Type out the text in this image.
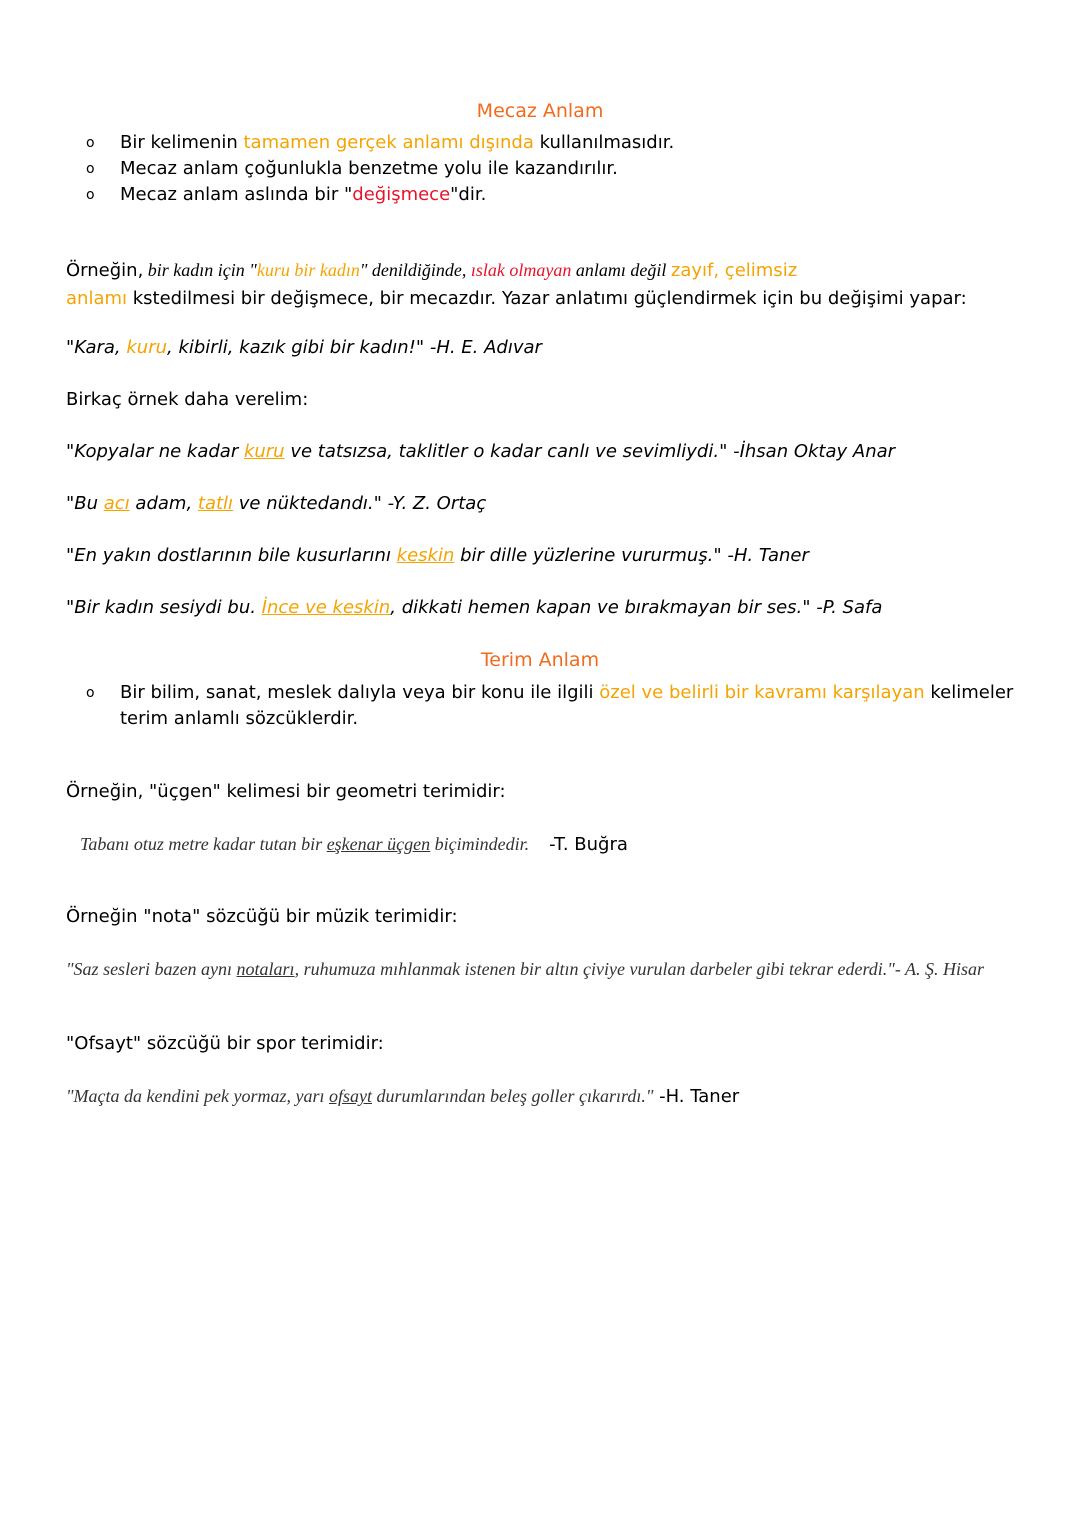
Mecaz Anlam
o Bir kelimenin tamamen gerçek anlamı dışında kullanılmasıdır.
o Mecaz anlam çoğunlukla benzetme yolu ile kazandırılır.
o Mecaz anlam aslında bir "değişmece"dir.
Örneğin, bir kadın için "kuru bir kadın" denildiğinde, ıslak olmayan anlamı değil zayıf, çelimsiz
anlamı kstedilmesi bir değişmece, bir mecazdır. Yazar anlatımı güçlendirmek için bu değişimi yapar:
"Kara, kuru, kibirli, kazık gibi bir kadın!" -H. E. Adıvar
Birkaç örnek daha verelim:
"Kopyalar ne kadar kuru ve tatsızsa, taklitler o kadar canlı ve sevimliydi." -İhsan Oktay Anar
"Bu acı adam, tatlı ve nüktedandı." -Y. Z. Ortaç
"En yakın dostlarının bile kusurlarını keskin bir dille yüzlerine vururmuş." -H. Taner
"Bir kadın sesiydi bu. İnce ve keskin, dikkati hemen kapan ve bırakmayan bir ses." -P. Safa
Terim Anlam
o Bir bilim, sanat, meslek dalıyla veya bir konu ile ilgili özel ve belirli bir kavramı karşılayan kelimeler terim anlamlı sözcüklerdir.
Örneğin, "üçgen" kelimesi bir geometri terimidir:
Tabanı otuz metre kadar tutan bir eşkenar üçgen biçimindedir. -T. Buğra
Örneğin "nota" sözcüğü bir müzik terimidir:
"Saz sesleri bazen aynı notaları, ruhumuza mıhlanmak istenen bir altın çiviye vurulan darbeler gibi tekrar ederdi."- A. Ş. Hisar
"Ofsayt" sözcüğü bir spor terimidir:
"Maçta da kendini pek yormaz, yarı ofsayt durumlarından beleş goller çıkarırdı." -H. Taner
